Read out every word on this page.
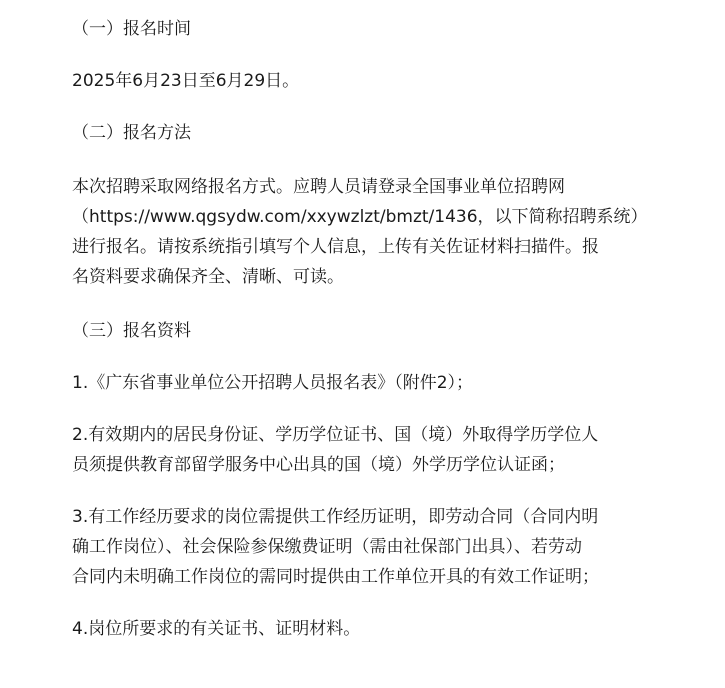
（一）报名时间

2025年6月23日至6月29日。

（二）报名方法

本次招聘采取网络报名方式。应聘人员请登录全国事业单位招聘网
（https://www.qgsydw.com/xxywzlzt/bmzt/1436，以下简称招聘系统）
进行报名。请按系统指引填写个人信息，上传有关佐证材料扫描件。报
名资料要求确保齐全、清晰、可读。

（三）报名资料

1.《广东省事业单位公开招聘人员报名表》（附件2）；

2.有效期内的居民身份证、学历学位证书、国（境）外取得学历学位人
员须提供教育部留学服务中心出具的国（境）外学历学位认证函；

3.有工作经历要求的岗位需提供工作经历证明，即劳动合同（合同内明
确工作岗位）、社会保险参保缴费证明（需由社保部门出具）、若劳动
合同内未明确工作岗位的需同时提供由工作单位开具的有效工作证明；

4.岗位所要求的有关证书、证明材料。
